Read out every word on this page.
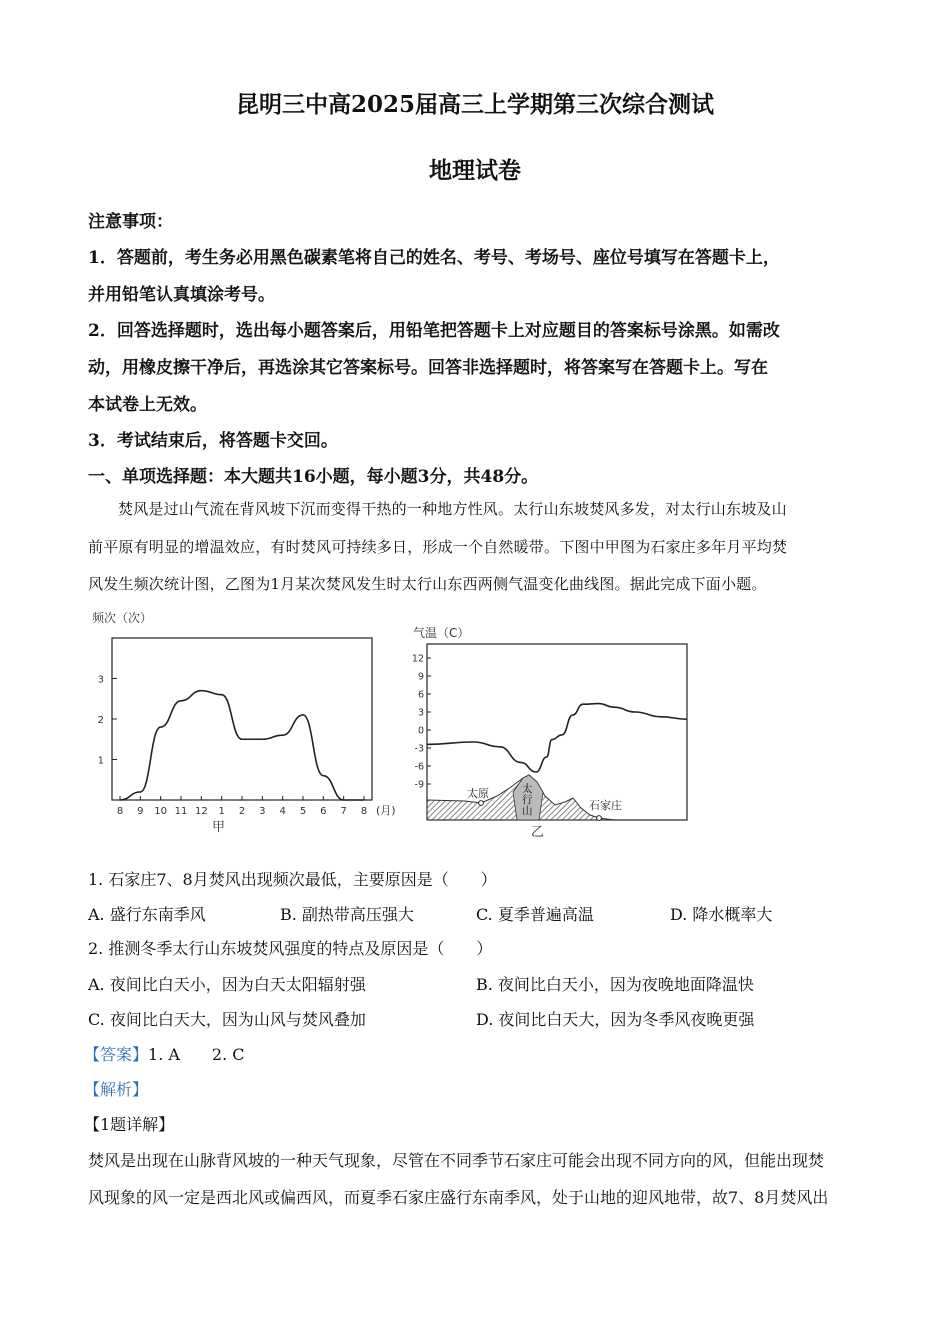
昆明三中高2025届高三上学期第三次综合测试
地理试卷
注意事项：
1．答题前，考生务必用黑色碳素笔将自己的姓名、考号、考场号、座位号填写在答题卡上，
并用铅笔认真填涂考号。
2．回答选择题时，选出每小题答案后，用铅笔把答题卡上对应题目的答案标号涂黑。如需改
动，用橡皮擦干净后，再选涂其它答案标号。回答非选择题时，将答案写在答题卡上。写在
本试卷上无效。
3．考试结束后，将答题卡交回。
一、单项选择题：本大题共16小题，每小题3分，共48分。
焚风是过山气流在背风坡下沉而变得干热的一种地方性风。太行山东坡焚风多发，对太行山东坡及山
前平原有明显的增温效应，有时焚风可持续多日，形成一个自然暖带。下图中甲图为石家庄多年月平均焚
风发生频次统计图，乙图为1月某次焚风发生时太行山东西两侧气温变化曲线图。据此完成下面小题。
频次（次）
1
2
3
8 9 10 11 12 1 2 3 4 5 6 7 8 (月)
甲
气温（C）
12
9
6
3
0
-3
-6
-9
太原
石家庄
太
行
山
乙
1. 石家庄7、8月焚风出现频次最低，主要原因是（　　）
A. 盛行东南季风	B. 副热带高压强大	C. 夏季普遍高温	D. 降水概率大
2. 推测冬季太行山东坡焚风强度的特点及原因是（　　）
A. 夜间比白天小，因为白天太阳辐射强	B. 夜间比白天小，因为夜晚地面降温快
C. 夜间比白天大，因为山风与焚风叠加	D. 夜间比白天大，因为冬季风夜晚更强
【答案】1. A　　2. C
【解析】
【1题详解】
焚风是出现在山脉背风坡的一种天气现象，尽管在不同季节石家庄可能会出现不同方向的风，但能出现焚
风现象的风一定是西北风或偏西风，而夏季石家庄盛行东南季风，处于山地的迎风地带，故7、8月焚风出
